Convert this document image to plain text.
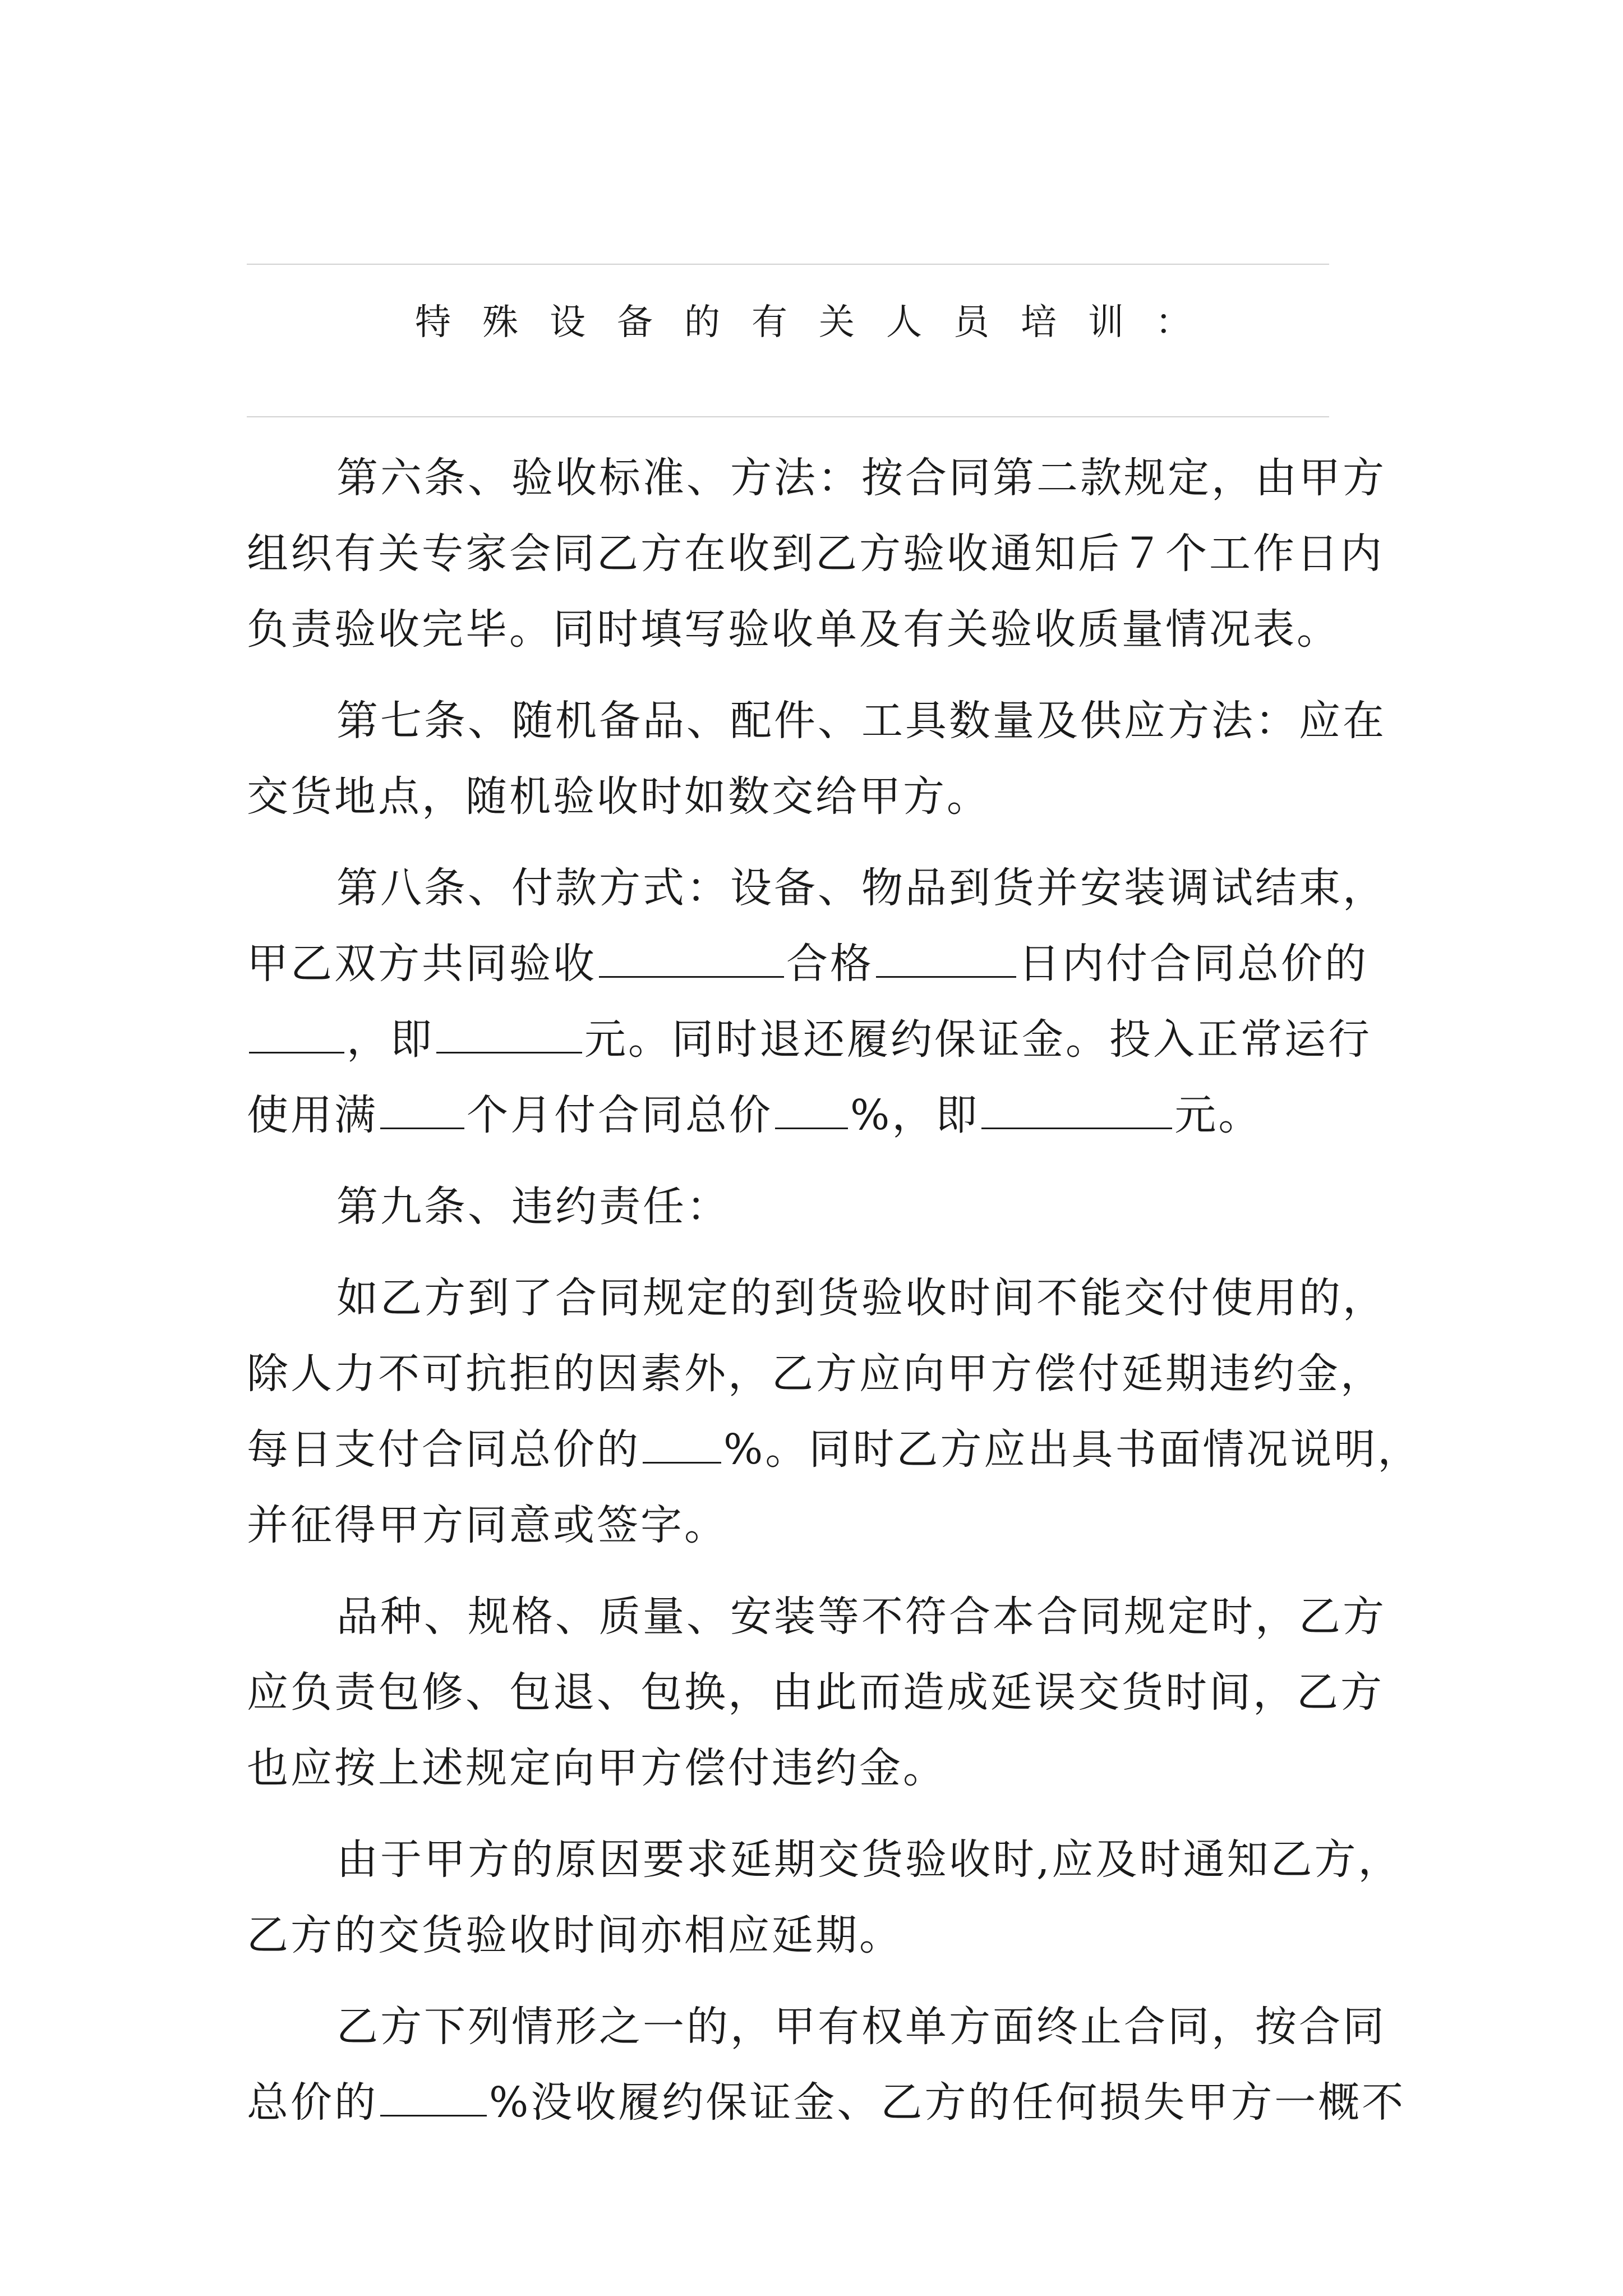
特殊设备的有关人员培训：
第六条、验收标准、方法：按合同第二款规定，由甲方
组织有关专家会同乙方在收到乙方验收通知后７个工作日内
负责验收完毕。同时填写验收单及有关验收质量情况表。
第七条、随机备品、配件、工具数量及供应方法：应在
交货地点，随机验收时如数交给甲方。
第八条、付款方式：设备、物品到货并安装调试结束，
甲乙双方共同验收	合格	日内付合同总价的
，即	元。同时退还履约保证金。投入正常运行
使用满 个月付合同总价 %，即	元。
第九条、违约责任：
如乙方到了合同规定的到货验收时间不能交付使用的，
除人力不可抗拒的因素外，乙方应向甲方偿付延期违约金，
每日支付合同总价的 %。同时乙方应出具书面情况说明，
并征得甲方同意或签字。
品种、规格、质量、安装等不符合本合同规定时，乙方
应负责包修、包退、包换，由此而造成延误交货时间，乙方
也应按上述规定向甲方偿付违约金。
由于甲方的原因要求延期交货验收时,应及时通知乙方，
乙方的交货验收时间亦相应延期。
乙方下列情形之一的，甲有权单方面终止合同，按合同
总价的	%没收履约保证金、乙方的任何损失甲方一概不
